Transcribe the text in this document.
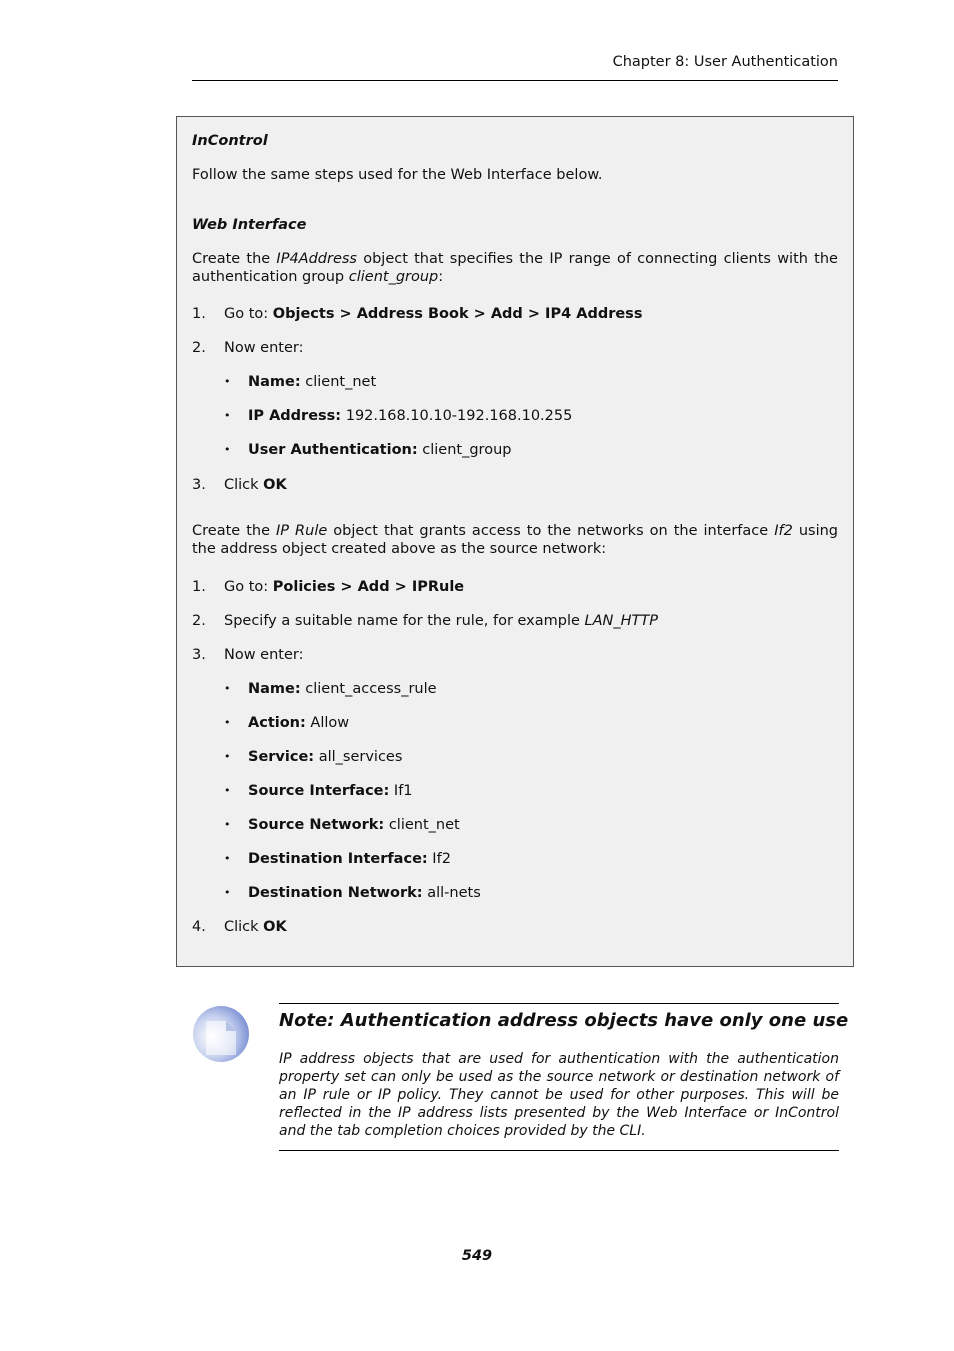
Chapter 8: User Authentication
InControl
Follow the same steps used for the Web Interface below.
Web Interface
Create the IP4Address object that specifies the IP range of connecting clients with the authentication group client_group:
1. Go to: Objects > Address Book > Add > IP4 Address
2. Now enter:
• Name: client_net
• IP Address: 192.168.10.10-192.168.10.255
• User Authentication: client_group
3. Click OK
Create the IP Rule object that grants access to the networks on the interface If2 using the address object created above as the source network:
1. Go to: Policies > Add > IPRule
2. Specify a suitable name for the rule, for example LAN_HTTP
3. Now enter:
• Name: client_access_rule
• Action: Allow
• Service: all_services
• Source Interface: If1
• Source Network: client_net
• Destination Interface: If2
• Destination Network: all-nets
4. Click OK
Note: Authentication address objects have only one use
IP address objects that are used for authentication with the authentication property set can only be used as the source network or destination network of an IP rule or IP policy. They cannot be used for other purposes. This will be reflected in the IP address lists presented by the Web Interface or InControl and the tab completion choices provided by the CLI.
549
